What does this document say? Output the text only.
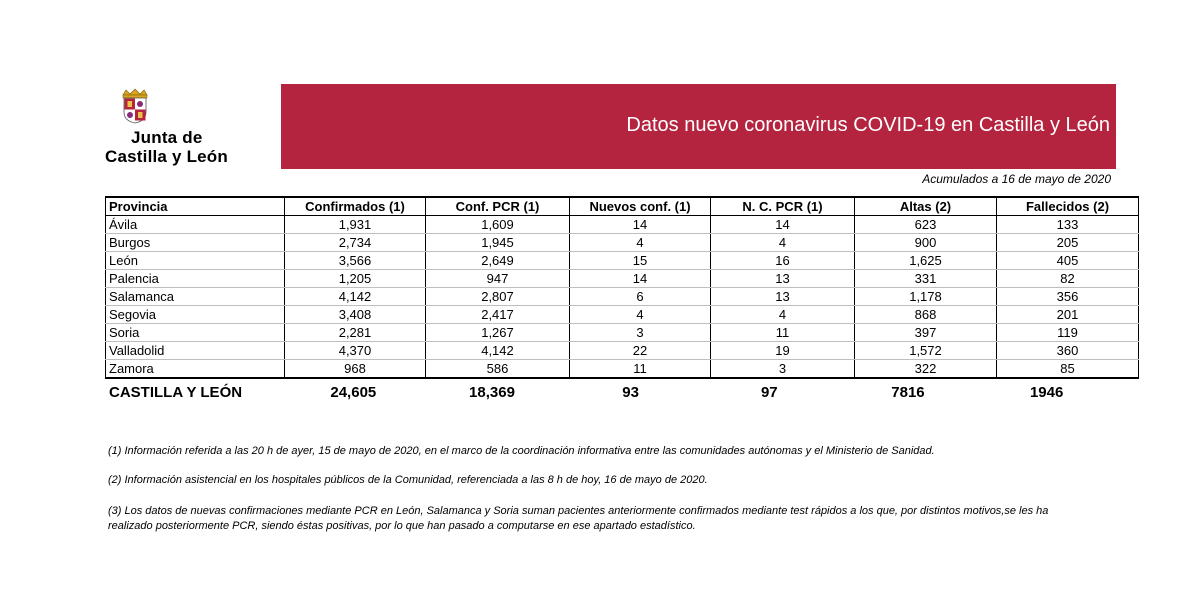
Junta de
Castilla y León
Datos nuevo coronavirus COVID-19 en Castilla y León
Acumulados a 16 de mayo de 2020
Provincia	Confirmados (1)	Conf. PCR (1)	Nuevos conf. (1)	N. C. PCR (1)	Altas (2)	Fallecidos (2)
Ávila	1,931	1,609	14	14	623	133
Burgos	2,734	1,945	4	4	900	205
León	3,566	2,649	15	16	1,625	405
Palencia	1,205	947	14	13	331	82
Salamanca	4,142	2,807	6	13	1,178	356
Segovia	3,408	2,417	4	4	868	201
Soria	2,281	1,267	3	11	397	119
Valladolid	4,370	4,142	22	19	1,572	360
Zamora	968	586	11	3	322	85
CASTILLA Y LEÓN	24,605	18,369	93	97	7816	1946
(1) Información referida a las 20 h de ayer, 15 de mayo de 2020, en el marco de la coordinación informativa entre las comunidades autónomas y el Ministerio de Sanidad.
(2) Información asistencial en los hospitales públicos de la Comunidad, referenciada a las 8 h de hoy, 16 de mayo de 2020.
(3) Los datos de nuevas confirmaciones mediante PCR en León, Salamanca y Soria suman pacientes anteriormente confirmados mediante test rápidos a los que, por distintos motivos,se les ha realizado posteriormente PCR, siendo éstas positivas, por lo que han pasado a computarse en ese apartado estadístico.
